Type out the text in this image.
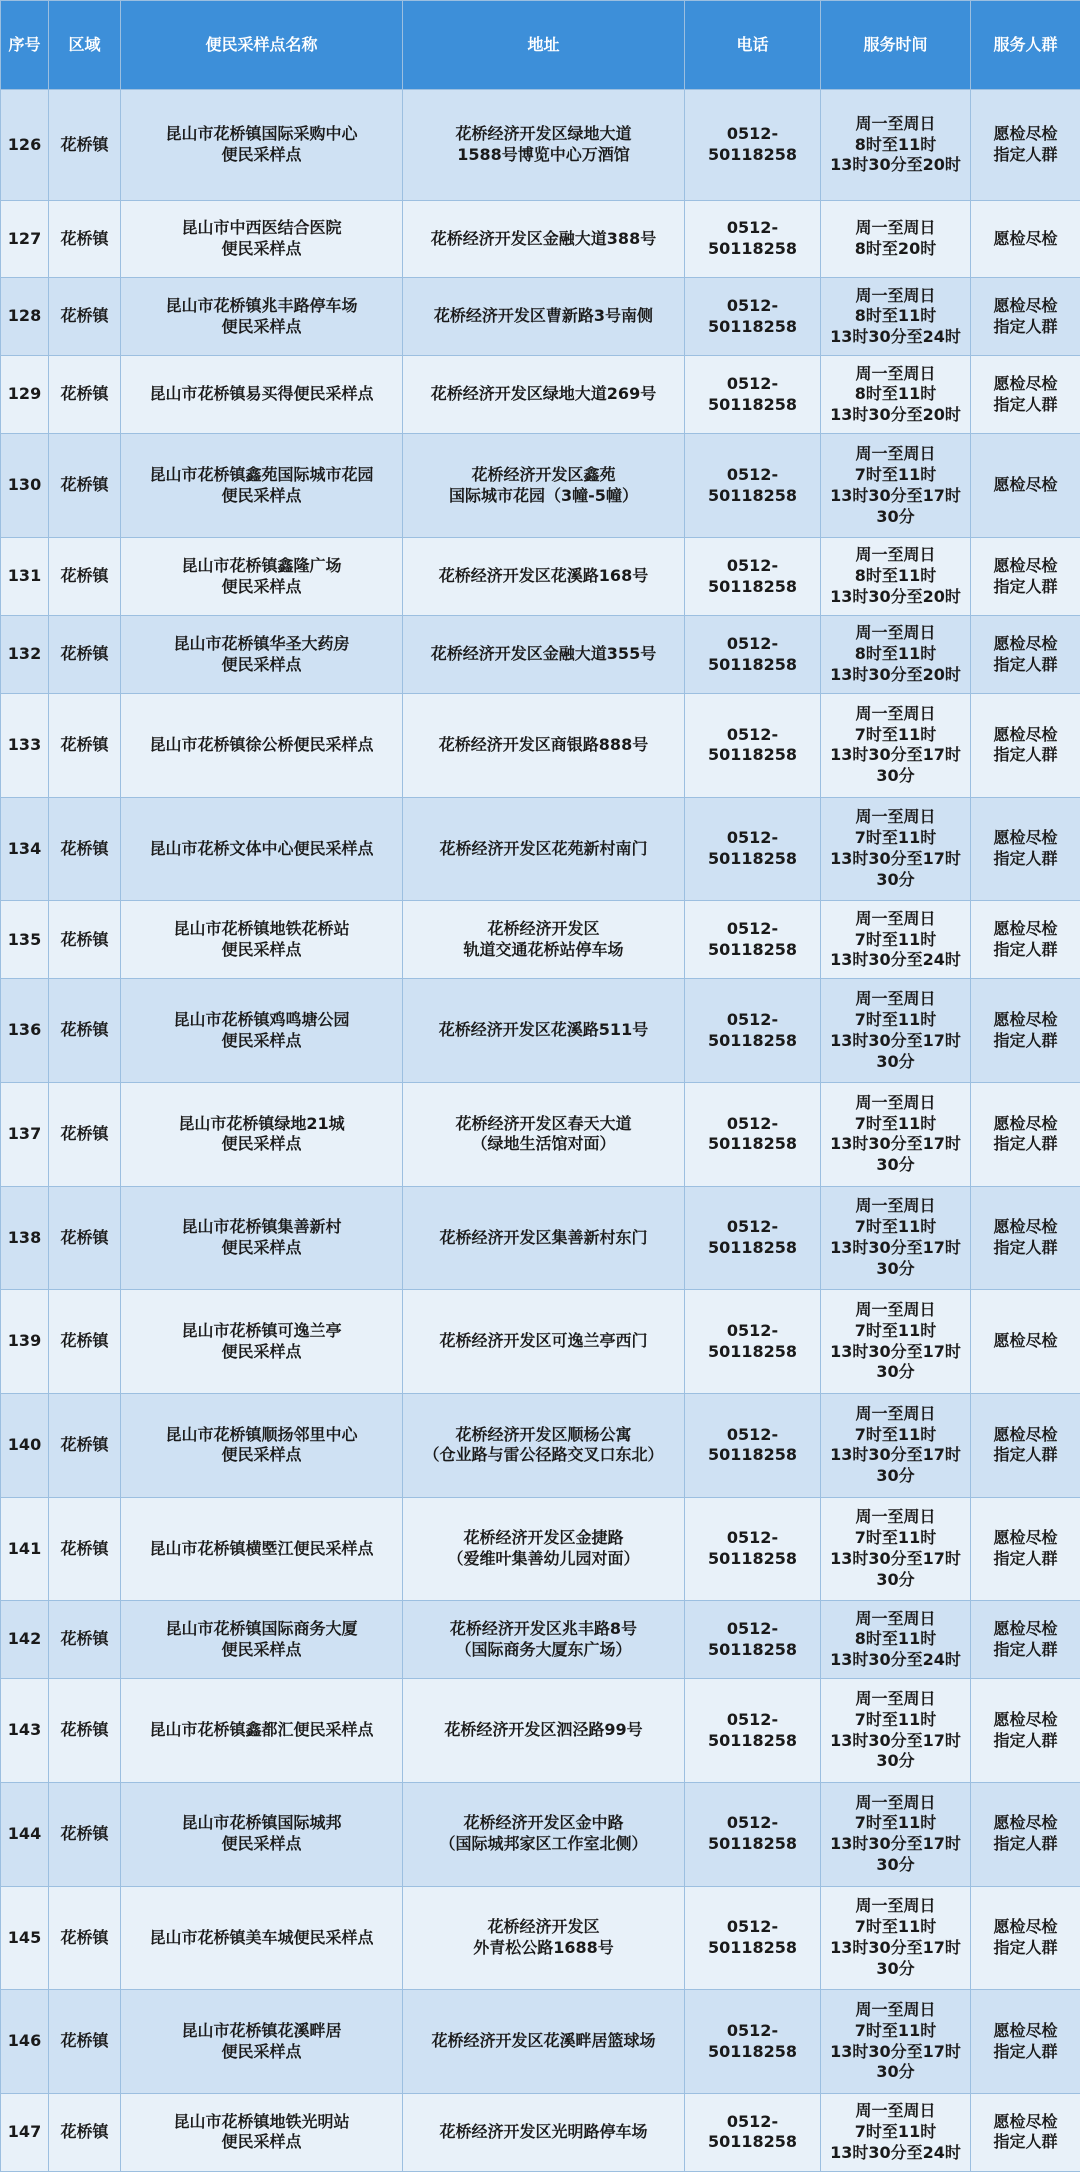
序号	区域	便民采样点名称	地址	电话	服务时间	服务人群
126	花桥镇	昆山市花桥镇国际采购中心
便民采样点	花桥经济开发区绿地大道
1588号博览中心万酒馆	0512-50118258	周一至周日
8时至11时
13时30分至20时	愿检尽检
指定人群
127	花桥镇	昆山市中西医结合医院
便民采样点	花桥经济开发区金融大道388号	0512-50118258	周一至周日
8时至20时	愿检尽检
128	花桥镇	昆山市花桥镇兆丰路停车场
便民采样点	花桥经济开发区曹新路3号南侧	0512-50118258	周一至周日
8时至11时
13时30分至24时	愿检尽检
指定人群
129	花桥镇	昆山市花桥镇易买得便民采样点	花桥经济开发区绿地大道269号	0512-50118258	周一至周日
8时至11时
13时30分至20时	愿检尽检
指定人群
130	花桥镇	昆山市花桥镇鑫苑国际城市花园
便民采样点	花桥经济开发区鑫苑
国际城市花园（3幢-5幢）	0512-50118258	周一至周日
7时至11时
13时30分至17时
30分	愿检尽检
131	花桥镇	昆山市花桥镇鑫隆广场
便民采样点	花桥经济开发区花溪路168号	0512-50118258	周一至周日
8时至11时
13时30分至20时	愿检尽检
指定人群
132	花桥镇	昆山市花桥镇华圣大药房
便民采样点	花桥经济开发区金融大道355号	0512-50118258	周一至周日
8时至11时
13时30分至20时	愿检尽检
指定人群
133	花桥镇	昆山市花桥镇徐公桥便民采样点	花桥经济开发区商银路888号	0512-50118258	周一至周日
7时至11时
13时30分至17时
30分	愿检尽检
指定人群
134	花桥镇	昆山市花桥文体中心便民采样点	花桥经济开发区花苑新村南门	0512-50118258	周一至周日
7时至11时
13时30分至17时
30分	愿检尽检
指定人群
135	花桥镇	昆山市花桥镇地铁花桥站
便民采样点	花桥经济开发区
轨道交通花桥站停车场	0512-50118258	周一至周日
7时至11时
13时30分至24时	愿检尽检
指定人群
136	花桥镇	昆山市花桥镇鸡鸣塘公园
便民采样点	花桥经济开发区花溪路511号	0512-50118258	周一至周日
7时至11时
13时30分至17时
30分	愿检尽检
指定人群
137	花桥镇	昆山市花桥镇绿地21城
便民采样点	花桥经济开发区春天大道
（绿地生活馆对面）	0512-50118258	周一至周日
7时至11时
13时30分至17时
30分	愿检尽检
指定人群
138	花桥镇	昆山市花桥镇集善新村
便民采样点	花桥经济开发区集善新村东门	0512-50118258	周一至周日
7时至11时
13时30分至17时
30分	愿检尽检
指定人群
139	花桥镇	昆山市花桥镇可逸兰亭
便民采样点	花桥经济开发区可逸兰亭西门	0512-50118258	周一至周日
7时至11时
13时30分至17时
30分	愿检尽检
140	花桥镇	昆山市花桥镇顺扬邻里中心
便民采样点	花桥经济开发区顺杨公寓
（仓业路与雷公径路交叉口东北）	0512-50118258	周一至周日
7时至11时
13时30分至17时
30分	愿检尽检
指定人群
141	花桥镇	昆山市花桥镇横塈江便民采样点	花桥经济开发区金捷路
（爱维叶集善幼儿园对面）	0512-50118258	周一至周日
7时至11时
13时30分至17时
30分	愿检尽检
指定人群
142	花桥镇	昆山市花桥镇国际商务大厦
便民采样点	花桥经济开发区兆丰路8号
（国际商务大厦东广场）	0512-50118258	周一至周日
8时至11时
13时30分至24时	愿检尽检
指定人群
143	花桥镇	昆山市花桥镇鑫都汇便民采样点	花桥经济开发区泗泾路99号	0512-50118258	周一至周日
7时至11时
13时30分至17时
30分	愿检尽检
指定人群
144	花桥镇	昆山市花桥镇国际城邦
便民采样点	花桥经济开发区金中路
（国际城邦家区工作室北侧）	0512-50118258	周一至周日
7时至11时
13时30分至17时
30分	愿检尽检
指定人群
145	花桥镇	昆山市花桥镇美车城便民采样点	花桥经济开发区
外青松公路1688号	0512-50118258	周一至周日
7时至11时
13时30分至17时
30分	愿检尽检
指定人群
146	花桥镇	昆山市花桥镇花溪畔居
便民采样点	花桥经济开发区花溪畔居篮球场	0512-50118258	周一至周日
7时至11时
13时30分至17时
30分	愿检尽检
指定人群
147	花桥镇	昆山市花桥镇地铁光明站
便民采样点	花桥经济开发区光明路停车场	0512-50118258	周一至周日
7时至11时
13时30分至24时	愿检尽检
指定人群
